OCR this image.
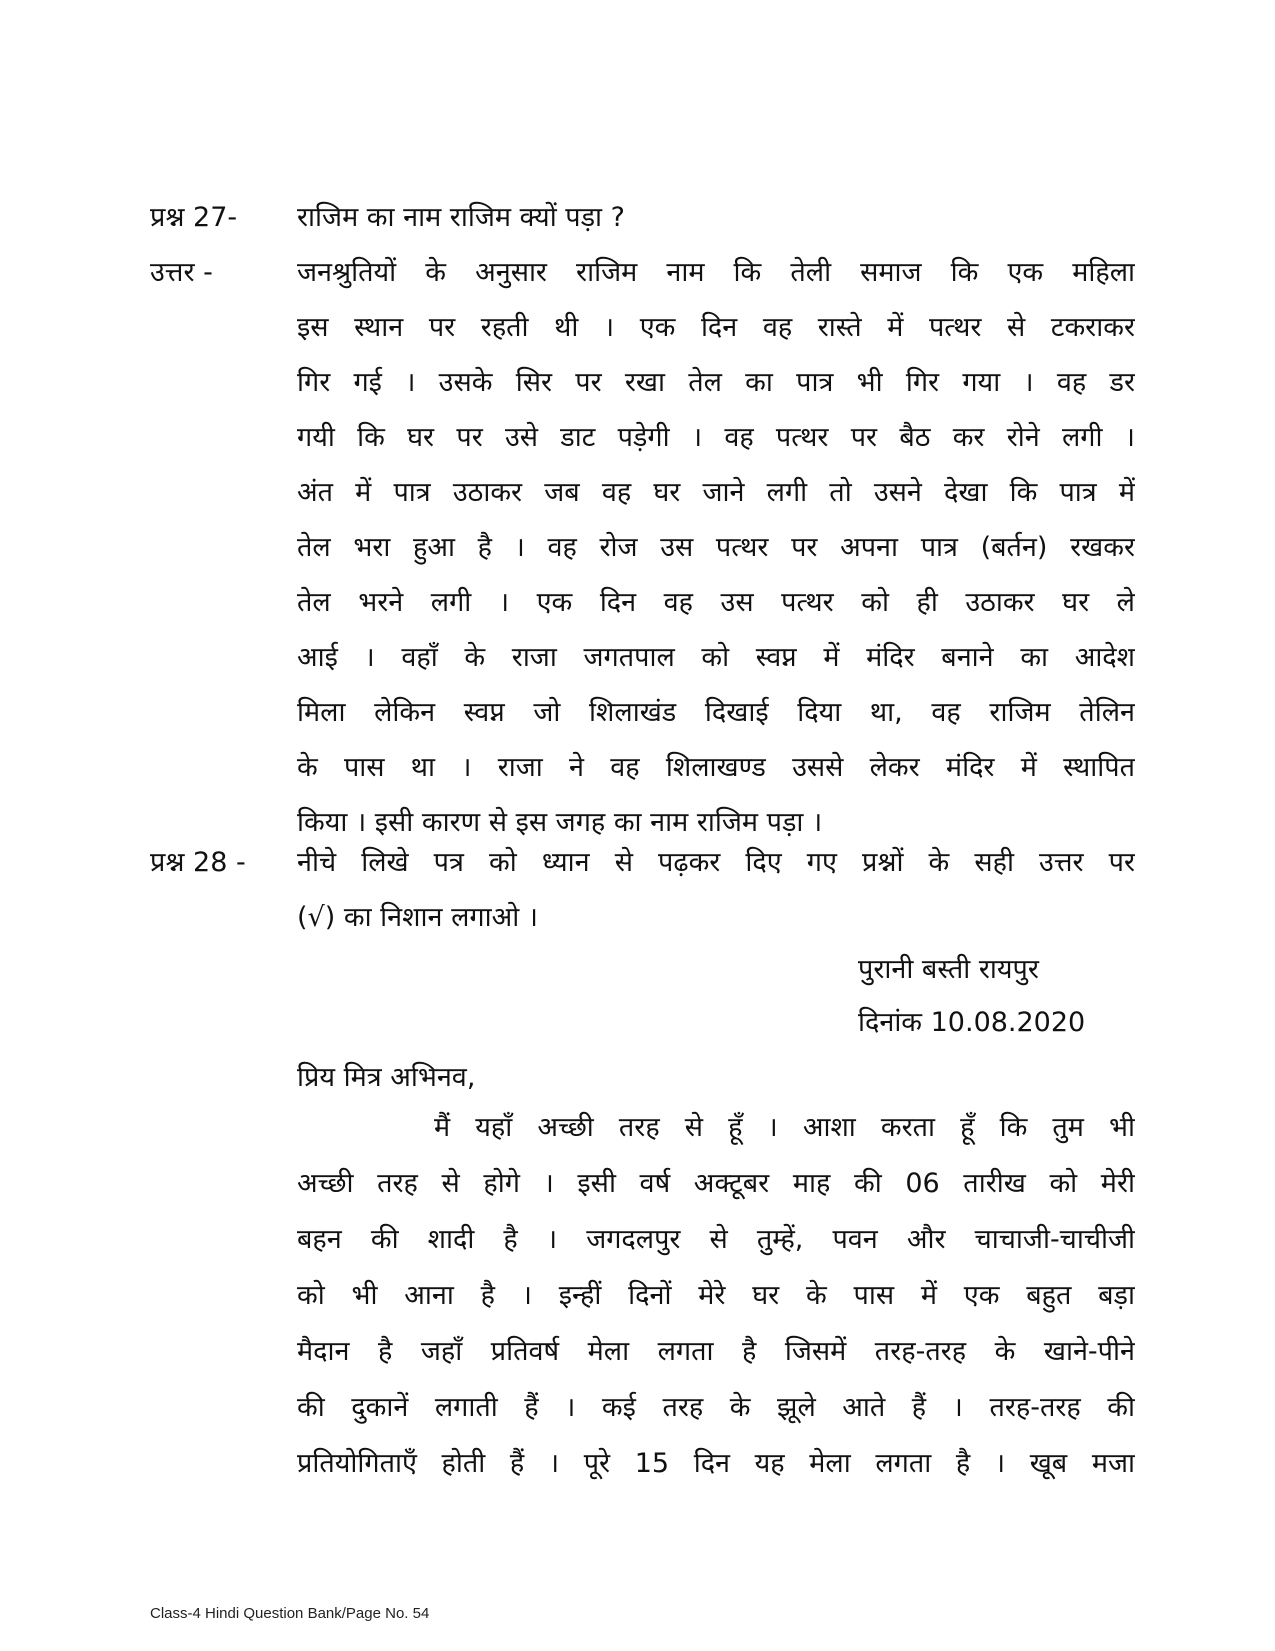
प्रश्न 27-	राजिम का नाम राजिम क्यों पड़ा ?
उत्तर -	जनश्रुतियों के अनुसार राजिम नाम कि तेली समाज कि एक महिला
इस स्थान पर रहती थी । एक दिन वह रास्ते में पत्थर से टकराकर
गिर गई । उसके सिर पर रखा तेल का पात्र भी गिर गया । वह डर
गयी कि घर पर उसे डाट पड़ेगी । वह पत्थर पर बैठ कर रोने लगी ।
अंत में पात्र उठाकर जब वह घर जाने लगी तो उसने देखा कि पात्र में
तेल भरा हुआ है । वह रोज उस पत्थर पर अपना पात्र (बर्तन) रखकर
तेल भरने लगी । एक दिन वह उस पत्थर को ही उठाकर घर ले
आई । वहाँ के राजा जगतपाल को स्वप्न में मंदिर बनाने का आदेश
मिला लेकिन स्वप्न जो शिलाखंड दिखाई दिया था, वह राजिम तेलिन
के पास था । राजा ने वह शिलाखण्ड उससे लेकर मंदिर में स्थापित
किया । इसी कारण से इस जगह का नाम राजिम पड़ा ।
प्रश्न 28 -	नीचे लिखे पत्र को ध्यान से पढ़कर दिए गए प्रश्नों के सही उत्तर पर
(√) का निशान लगाओ ।
पुरानी बस्ती रायपुर
दिनांक 10.08.2020
प्रिय मित्र अभिनव,
मैं यहाँ अच्छी तरह से हूँ । आशा करता हूँ कि तुम भी
अच्छी तरह से होगे । इसी वर्ष अक्टूबर माह की 06 तारीख को मेरी
बहन की शादी है । जगदलपुर से तुम्हें, पवन और चाचाजी-चाचीजी
को भी आना है । इन्हीं दिनों मेरे घर के पास में एक बहुत बड़ा
मैदान है जहाँ प्रतिवर्ष मेला लगता है जिसमें तरह-तरह के खाने-पीने
की दुकानें लगाती हैं । कई तरह के झूले आते हैं । तरह-तरह की
प्रतियोगिताएँ होती हैं । पूरे 15 दिन यह मेला लगता है । खूब मजा
Class-4 Hindi Question Bank/Page No. 54
